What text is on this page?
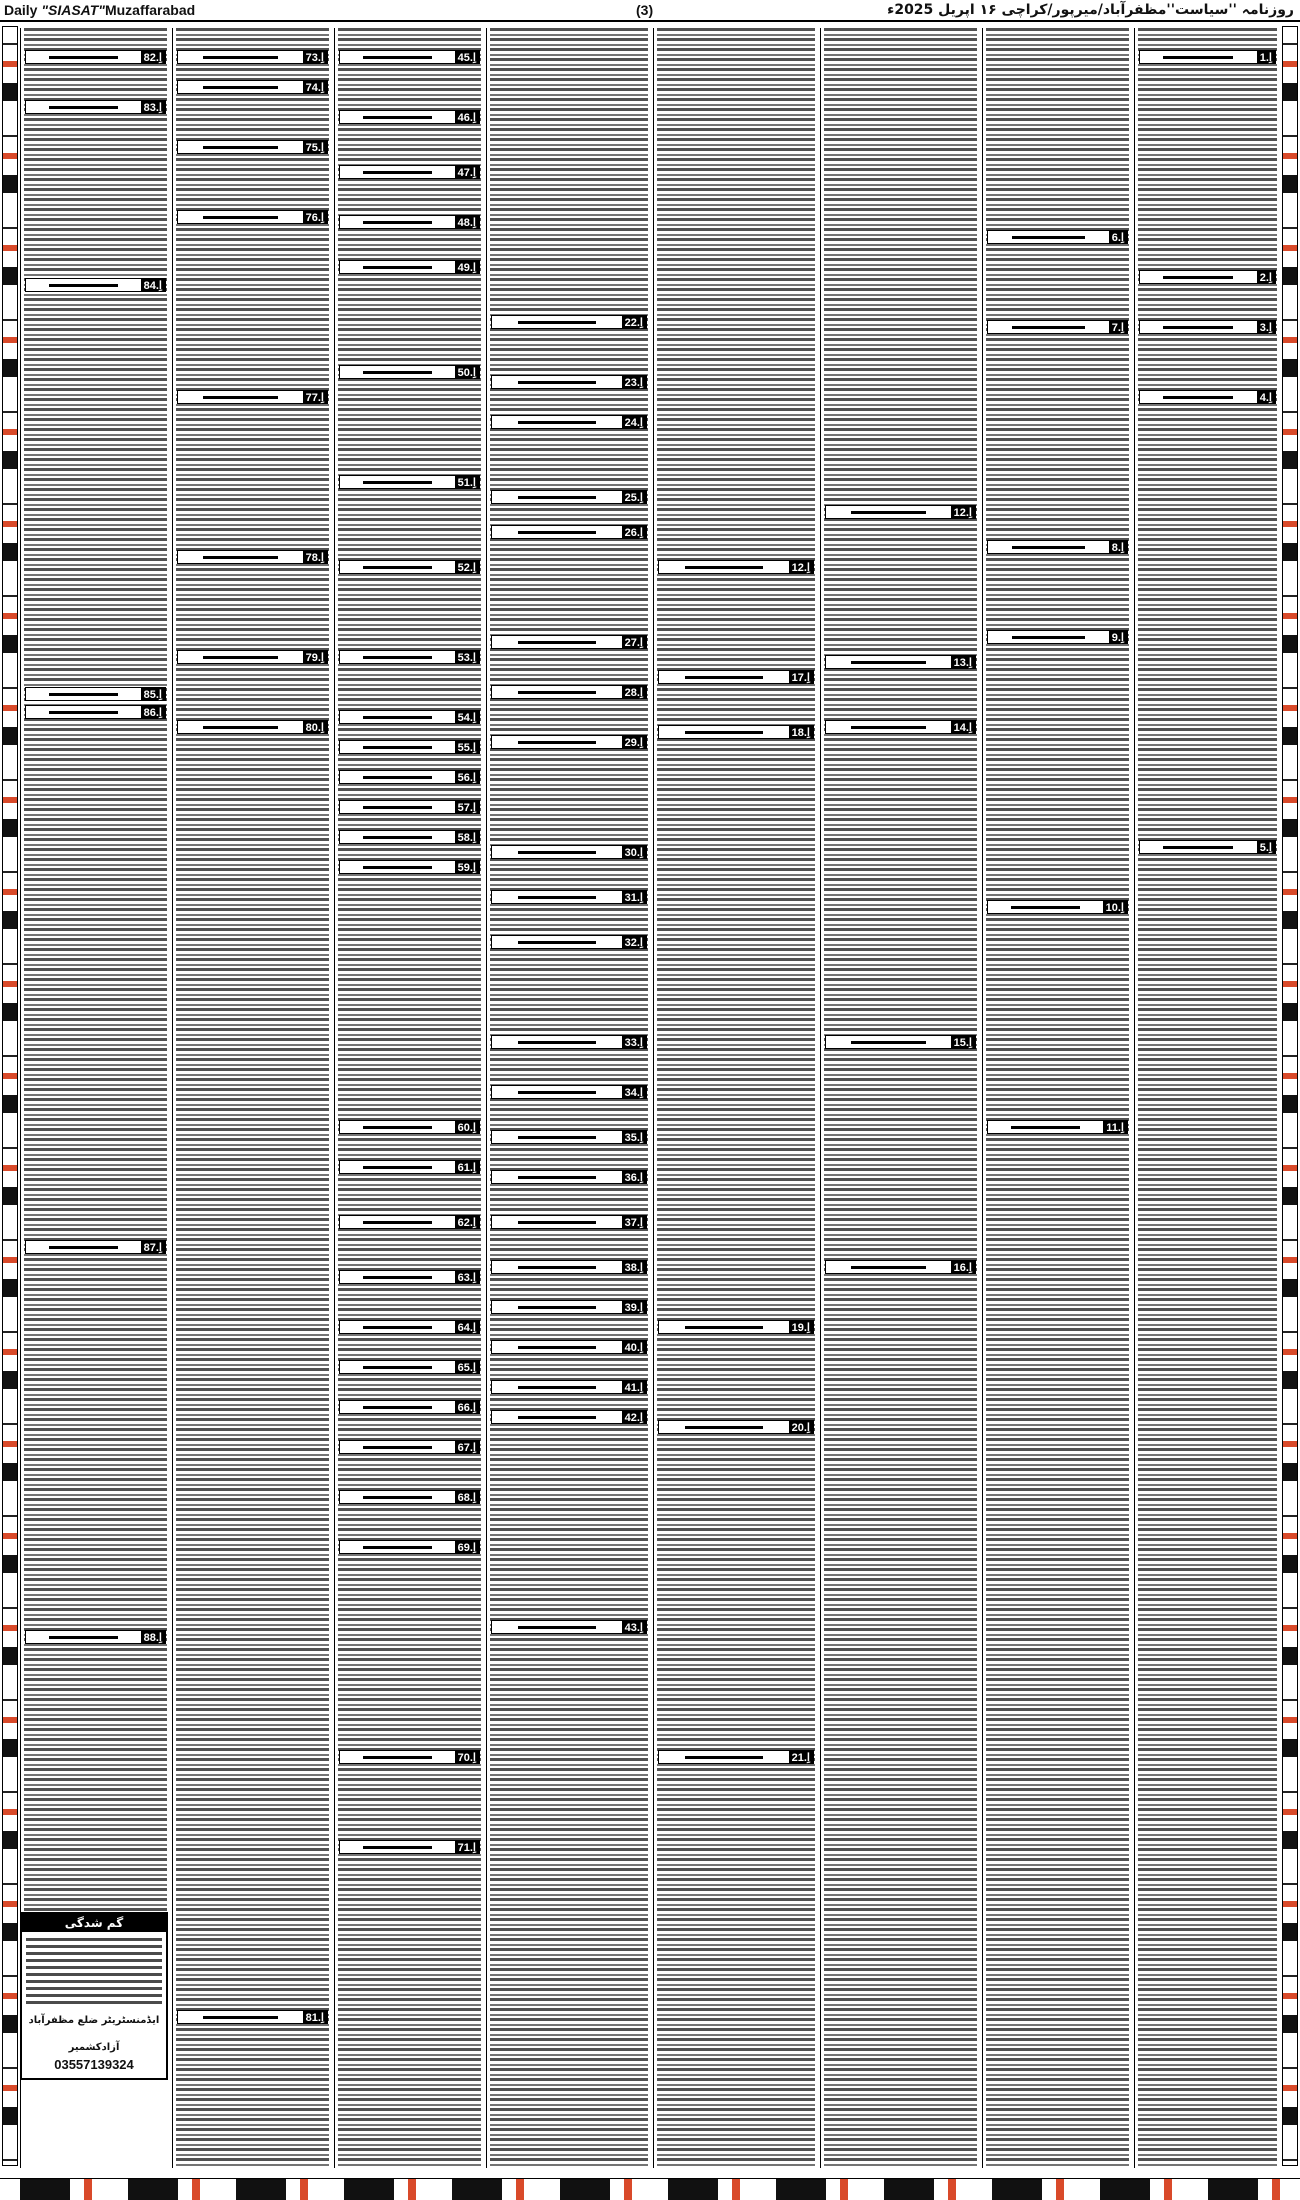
Daily "SIASAT"Muzaffarabad	(3)	روزنامہ ''سیاست''مظفرآباد/میرپور/کراچی ۱۶ اپریل 2025ء
اِ.82
اِ.83
اِ.84
اِ.85
اِ.86
اِ.87
اِ.88
اِ.73
اِ.74
اِ.75
اِ.76
اِ.77
اِ.78
اِ.79
اِ.80
اِ.81
اِ.45
اِ.46
اِ.47
اِ.48
اِ.49
اِ.50
اِ.51
اِ.52
اِ.53
اِ.54
اِ.55
اِ.56
اِ.57
اِ.58
اِ.59
اِ.60
اِ.61
اِ.62
اِ.63
اِ.64
اِ.65
اِ.66
اِ.67
اِ.68
اِ.69
اِ.70
اِ.71
اِ.22
اِ.23
اِ.24
اِ.25
اِ.26
اِ.27
اِ.28
اِ.29
اِ.30
اِ.31
اِ.32
اِ.33
اِ.34
اِ.35
اِ.36
اِ.37
اِ.38
اِ.39
اِ.40
اِ.41
اِ.42
اِ.43
اِ.12
اِ.17
اِ.18
اِ.19
اِ.20
اِ.21
اِ.12
اِ.13
اِ.14
اِ.15
اِ.16
اِ.6
اِ.7
اِ.8
اِ.9
اِ.10
اِ.11
اِ.1
اِ.2
اِ.3
اِ.4
اِ.5
گم شدگی
ایڈمنسٹریٹر ضلع مظفرآباد
آزادکشمیر
03557139324
